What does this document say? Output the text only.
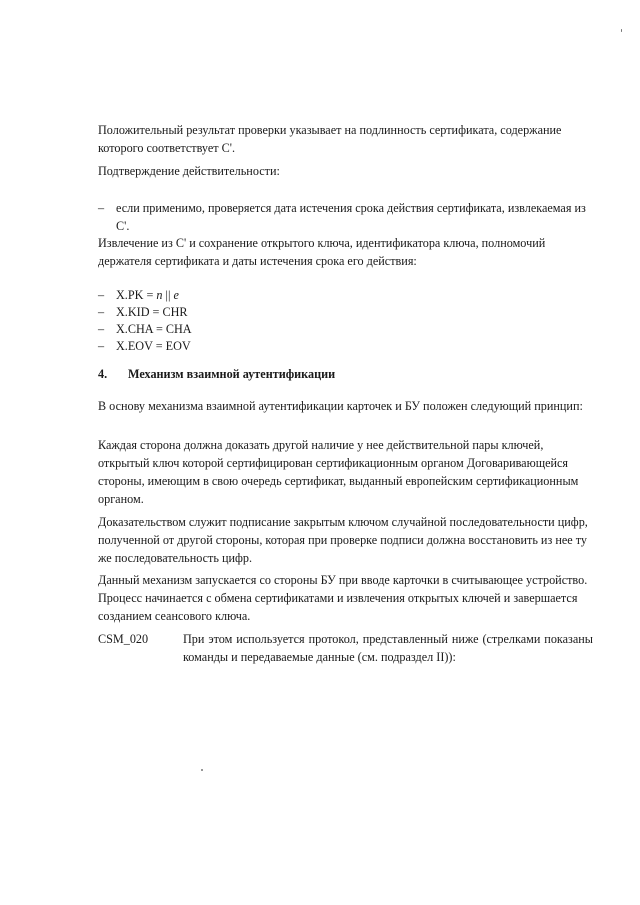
Положительный результат проверки указывает на подлинность сертификата, содержание которого соответствует C'.

Подтверждение действительности:

– если применимо, проверяется дата истечения срока действия сертификата, извлекаемая из C'.

Извлечение из C' и сохранение открытого ключа, идентификатора ключа, полномочий держателя сертификата и даты истечения срока его действия:

– X.PK = n || e
– X.KID = CHR
– X.CHA = CHA
– X.EOV = EOV
4. Механизм взаимной аутентификации

В основу механизма взаимной аутентификации карточек и БУ положен следующий принцип:

Каждая сторона должна доказать другой наличие у нее действительной пары ключей, открытый ключ которой сертифицирован сертификационным органом Договаривающейся стороны, имеющим в свою очередь сертификат, выданный европейским сертификационным органом.

Доказательством служит подписание закрытым ключом случайной последовательности цифр, полученной от другой стороны, которая при проверке подписи должна восстановить из нее ту же последовательность цифр.

Данный механизм запускается со стороны БУ при вводе карточки в считывающее устройство. Процесс начинается с обмена сертификатами и извлечения открытых ключей и завершается созданием сеансового ключа.

CSM_020	При этом используется протокол, представленный ниже (стрелками показаны команды и передаваемые данные (см. подраздел II)):
